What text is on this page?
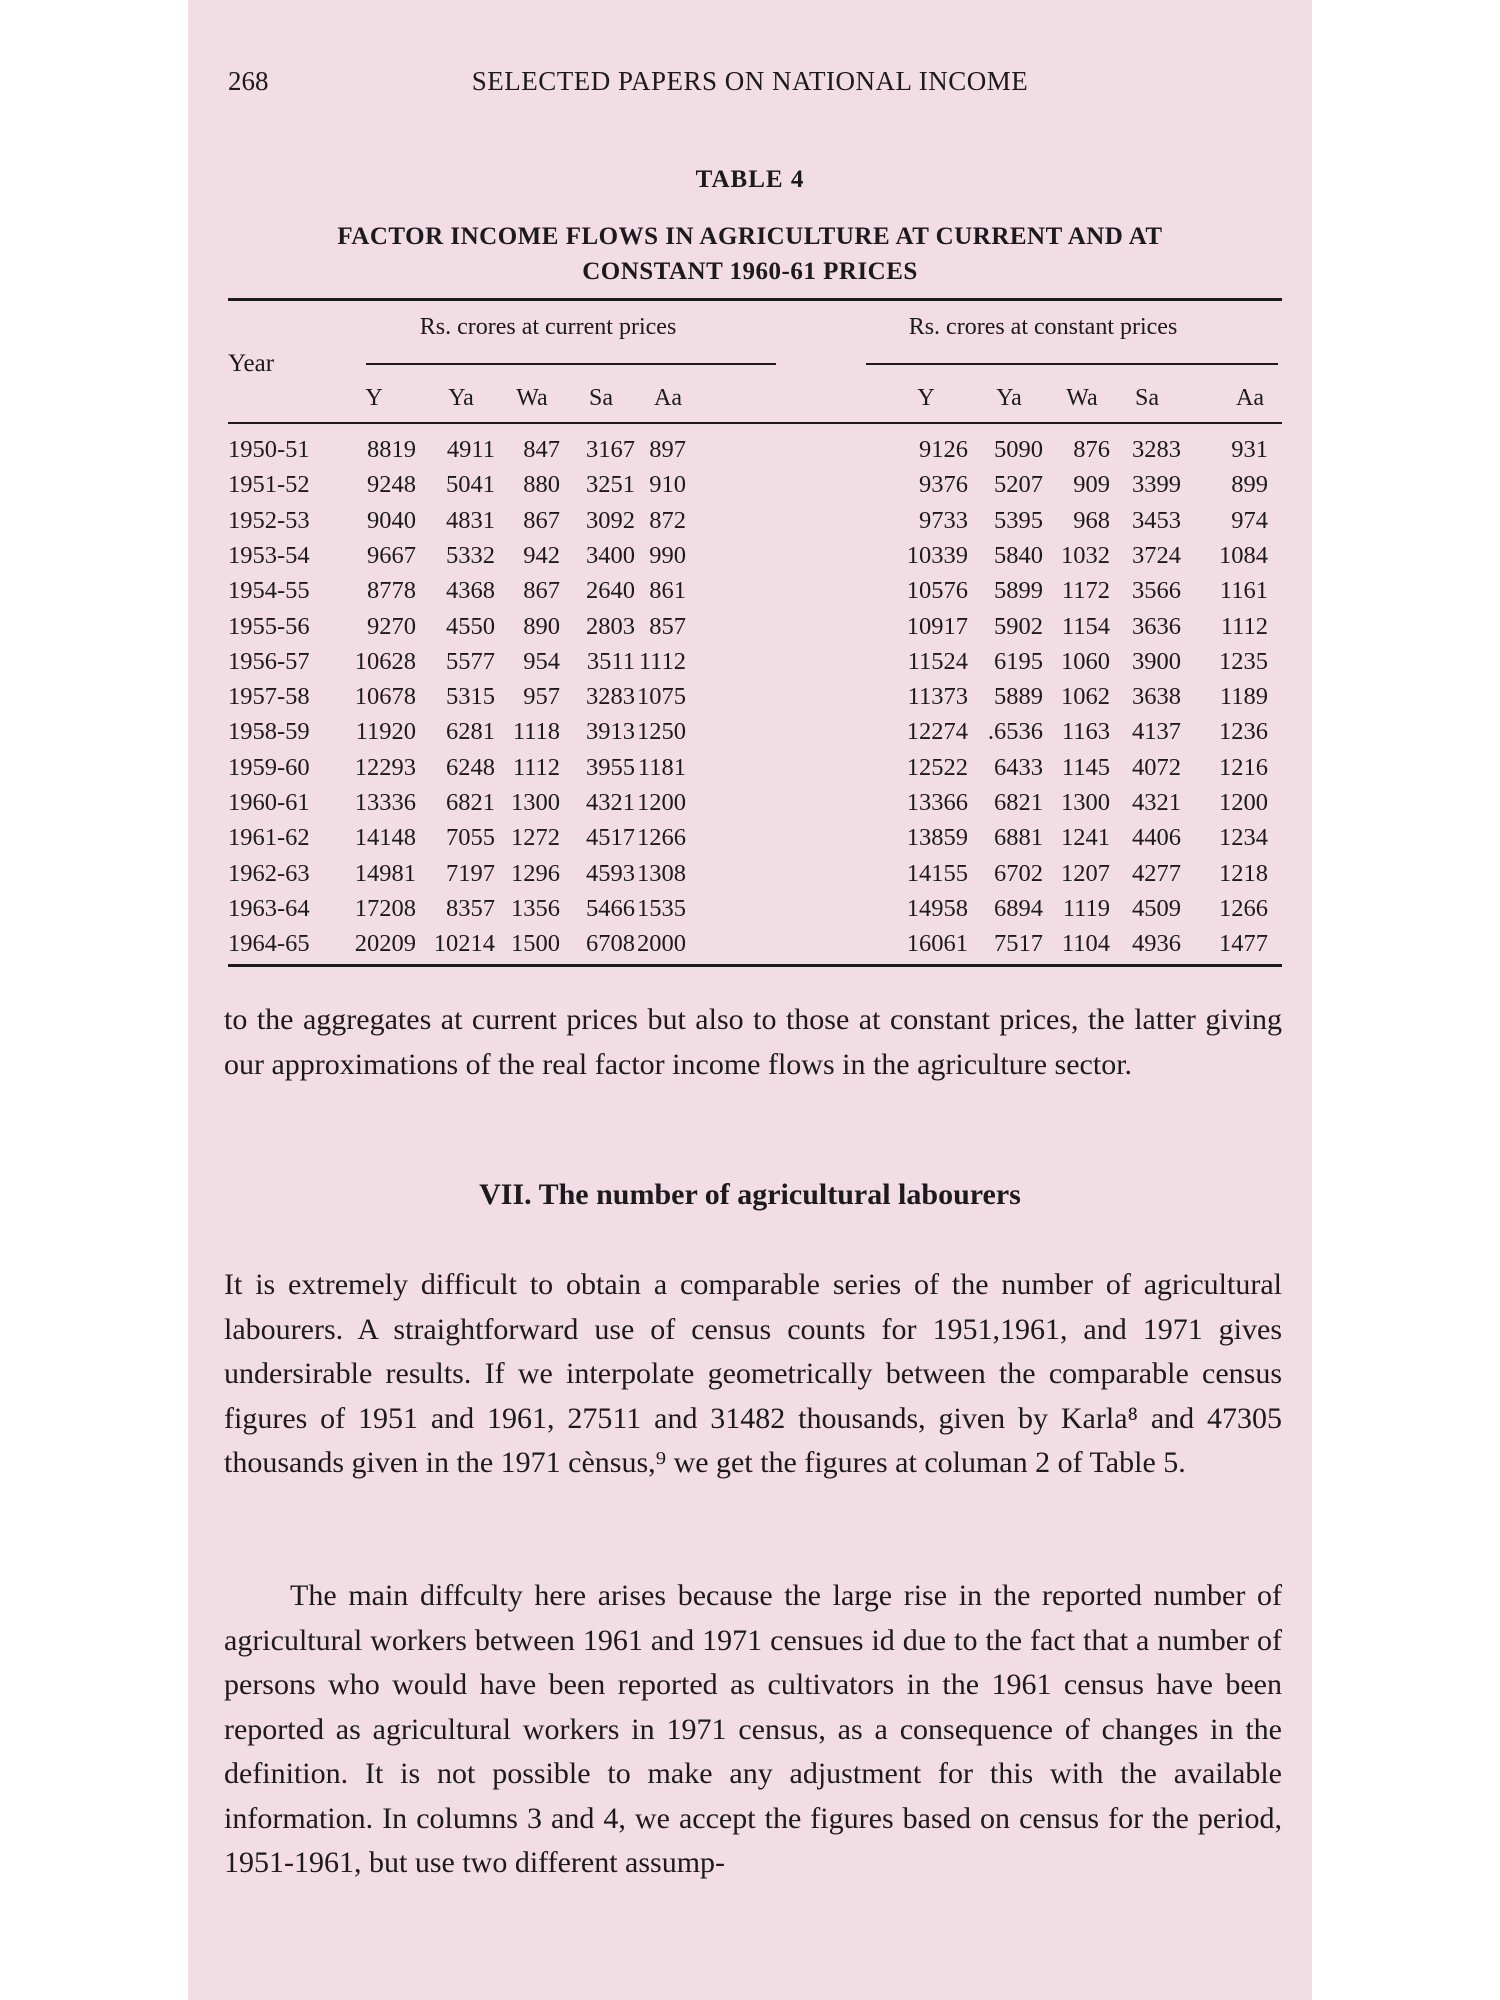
268	SELECTED PAPERS ON NATIONAL INCOME
TABLE 4
FACTOR INCOME FLOWS IN AGRICULTURE AT CURRENT AND AT CONSTANT 1960-61 PRICES
Rs. crores at current prices	Rs. crores at constant prices
Year
Y	Ya	Wa	Sa	Aa	Y	Ya	Wa	Sa	Aa
1950-51 8819 4911 847 3167 897	9126 5090 876 3283 931
1951-52 9248 5041 880 3251 910	9376 5207 909 3399 899
1952-53 9040 4831 867 3092 872	9733 5395 968 3453 974
1953-54 9667 5332 942 3400 990	10339 5840 1032 3724 1084
1954-55 8778 4368 867 2640 861	10576 5899 1172 3566 1161
1955-56 9270 4550 890 2803 857	10917 5902 1154 3636 1112
1956-57 10628 5577 954 3511 1112	11524 6195 1060 3900 1235
1957-58 10678 5315 957 3283 1075	11373 5889 1062 3638 1189
1958-59 11920 6281 1118 3913 1250	12274 .6536 1163 4137 1236
1959-60 12293 6248 1112 3955 1181	12522 6433 1145 4072 1216
1960-61 13336 6821 1300 4321 1200	13366 6821 1300 4321 1200
1961-62 14148 7055 1272 4517 1266	13859 6881 1241 4406 1234
1962-63 14981 7197 1296 4593 1308	14155 6702 1207 4277 1218
1963-64 17208 8357 1356 5466 1535	14958 6894 1119 4509 1266
1964-65 20209 10214 1500 6708 2000	16061 7517 1104 4936 1477
to the aggregates at current prices but also to those at constant prices, the latter giving our approximations of the real factor income flows in the agriculture sector.
VII. The number of agricultural labourers
It is extremely difficult to obtain a comparable series of the number of agricultural labourers. A straightforward use of census counts for 1951,1961, and 1971 gives undersirable results. If we interpolate geometrically between the comparable census figures of 1951 and 1961, 27511 and 31482 thousands, given by Karla⁸ and 47305 thousands given in the 1971 cènsus,⁹ we get the figures at columan 2 of Table 5.
The main diffculty here arises because the large rise in the reported number of agricultural workers between 1961 and 1971 censues id due to the fact that a number of persons who would have been reported as cultivators in the 1961 census have been reported as agricultural workers in 1971 census, as a consequence of changes in the definition. It is not possible to make any adjustment for this with the available information. In columns 3 and 4, we accept the figures based on census for the period, 1951-1961, but use two different assump-
